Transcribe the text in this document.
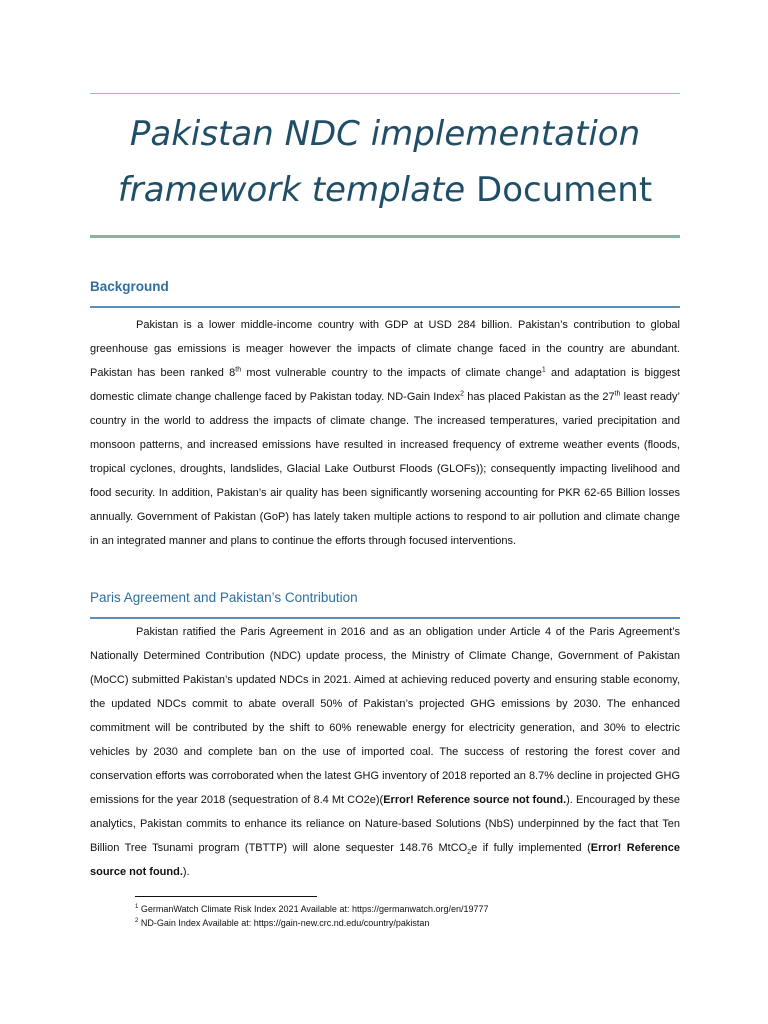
Pakistan NDC implementation
framework template Document
Background

Pakistan is a lower middle-income country with GDP at USD 284 billion. Pakistan’s contribution to global greenhouse gas emissions is meager however the impacts of climate change faced in the country are abundant. Pakistan has been ranked 8th most vulnerable country to the impacts of climate change$^1$ and adaptation is biggest domestic climate change challenge faced by Pakistan today. ND-Gain Index$^2$ has placed Pakistan as the 27th least ready’ country in the world to address the impacts of climate change. The increased temperatures, varied precipitation and monsoon patterns, and increased emissions have resulted in increased frequency of extreme weather events (floods, tropical cyclones, droughts, landslides, Glacial Lake Outburst Floods (GLOFs)); consequently impacting livelihood and food security. In addition, Pakistan’s air quality has been significantly worsening accounting for PKR 62-65 Billion losses annually. Government of Pakistan (GoP) has lately taken multiple actions to respond to air pollution and climate change in an integrated manner and plans to continue the efforts through focused interventions.

Paris Agreement and Pakistan’s Contribution

Pakistan ratified the Paris Agreement in 2016 and as an obligation under Article 4 of the Paris Agreement’s Nationally Determined Contribution (NDC) update process, the Ministry of Climate Change, Government of Pakistan (MoCC) submitted Pakistan’s updated NDCs in 2021. Aimed at achieving reduced poverty and ensuring stable economy, the updated NDCs commit to abate overall 50% of Pakistan’s projected GHG emissions by 2030. The enhanced commitment will be contributed by the shift to 60% renewable energy for electricity generation, and 30% to electric vehicles by 2030 and complete ban on the use of imported coal. The success of restoring the forest cover and conservation efforts was corroborated when the latest GHG inventory of 2018 reported an 8.7% decline in projected GHG emissions for the year 2018 (sequestration of 8.4 Mt CO2e)(Error! Reference source not found.). Encouraged by these analytics, Pakistan commits to enhance its reliance on Nature-based Solutions (NbS) underpinned by the fact that Ten Billion Tree Tsunami program (TBTTP) will alone sequester 148.76 MtCO$_2$e if fully implemented (Error! Reference source not found.).

$^1$ GermanWatch Climate Risk Index 2021 Available at: https://germanwatch.org/en/19777

$^2$ ND-Gain Index Available at: https://gain-new.crc.nd.edu/country/pakistan
